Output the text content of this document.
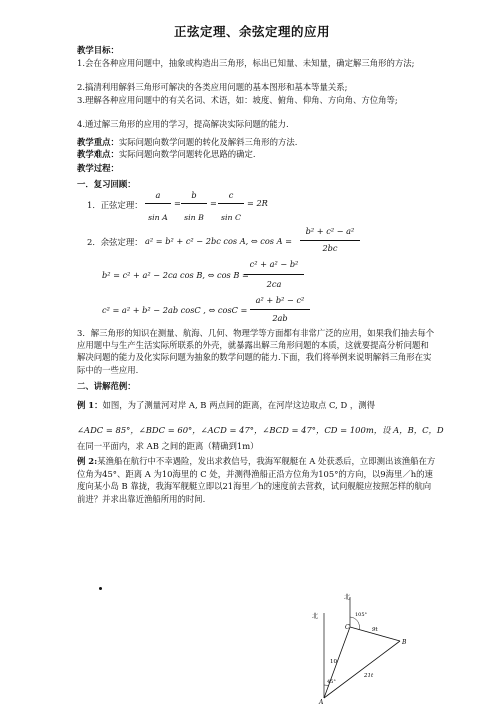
正弦定理、余弦定理的应用
教学目标：
1.会在各种应用问题中，抽象或构造出三角形，标出已知量、未知量，确定解三角形的方法;
2.搞清利用解斜三角形可解决的各类应用问题的基本图形和基本等量关系;
3.理解各种应用问题中的有关名词、术语，如：坡度、俯角、仰角、方向角、方位角等;
4.通过解三角形的应用的学习，提高解决实际问题的能力.
教学重点：实际问题向数学问题的转化及解斜三角形的方法.
教学难点：实际问题向数学问题转化思路的确定.
教学过程：
一．复习回顾：
1．正弦定理：
a
sin A
=
b
sin B
=
c
sin C
= 2R
2．余弦定理： a² = b² + c² − 2bc cos A, ⇔ cos A =
b² + c² − a²
2bc
b² = c² + a² − 2ca cos B, ⇔ cos B =
c² + a² − b²
2ca
c² = a² + b² − 2ab cosC , ⇔ cosC =
a² + b² − c²
2ab
3．解三角形的知识在测量、航海、几何、物理学等方面都有非常广泛的应用，如果我们抽去每个应用题中与生产生活实际所联系的外壳，就暴露出解三角形问题的本质，这就要提高分析问题和解决问题的能力及化实际问题为抽象的数学问题的能力.下面，我们将举例来说明解斜三角形在实际中的一些应用.
二、讲解范例：
例 1：如图，为了测量河对岸 A, B 两点间的距离，在河岸这边取点 C, D ，测得
∠ADC = 85°，∠BDC = 60°，∠ACD = 47°，∠BCD = 47°，CD = 100m，设 A，B，C，D
在同一平面内，求 AB 之间的距离（精确到1m）
例 2:某渔船在航行中不幸遇险，发出求救信号，我海军舰艇在 A 处获悉后，立即测出该渔船在方位角为45°、距离 A 为10海里的 C 处，并测得渔船正沿方位角为105°的方向，以9海里／h的速度向某小岛 B 靠拢，我海军舰艇立即以21海里／h的速度前去营救，试问舰艇应按照怎样的航向前进？并求出靠近渔船所用的时间.
北
北
105°
45°
A
B
C
10
9t
21t
